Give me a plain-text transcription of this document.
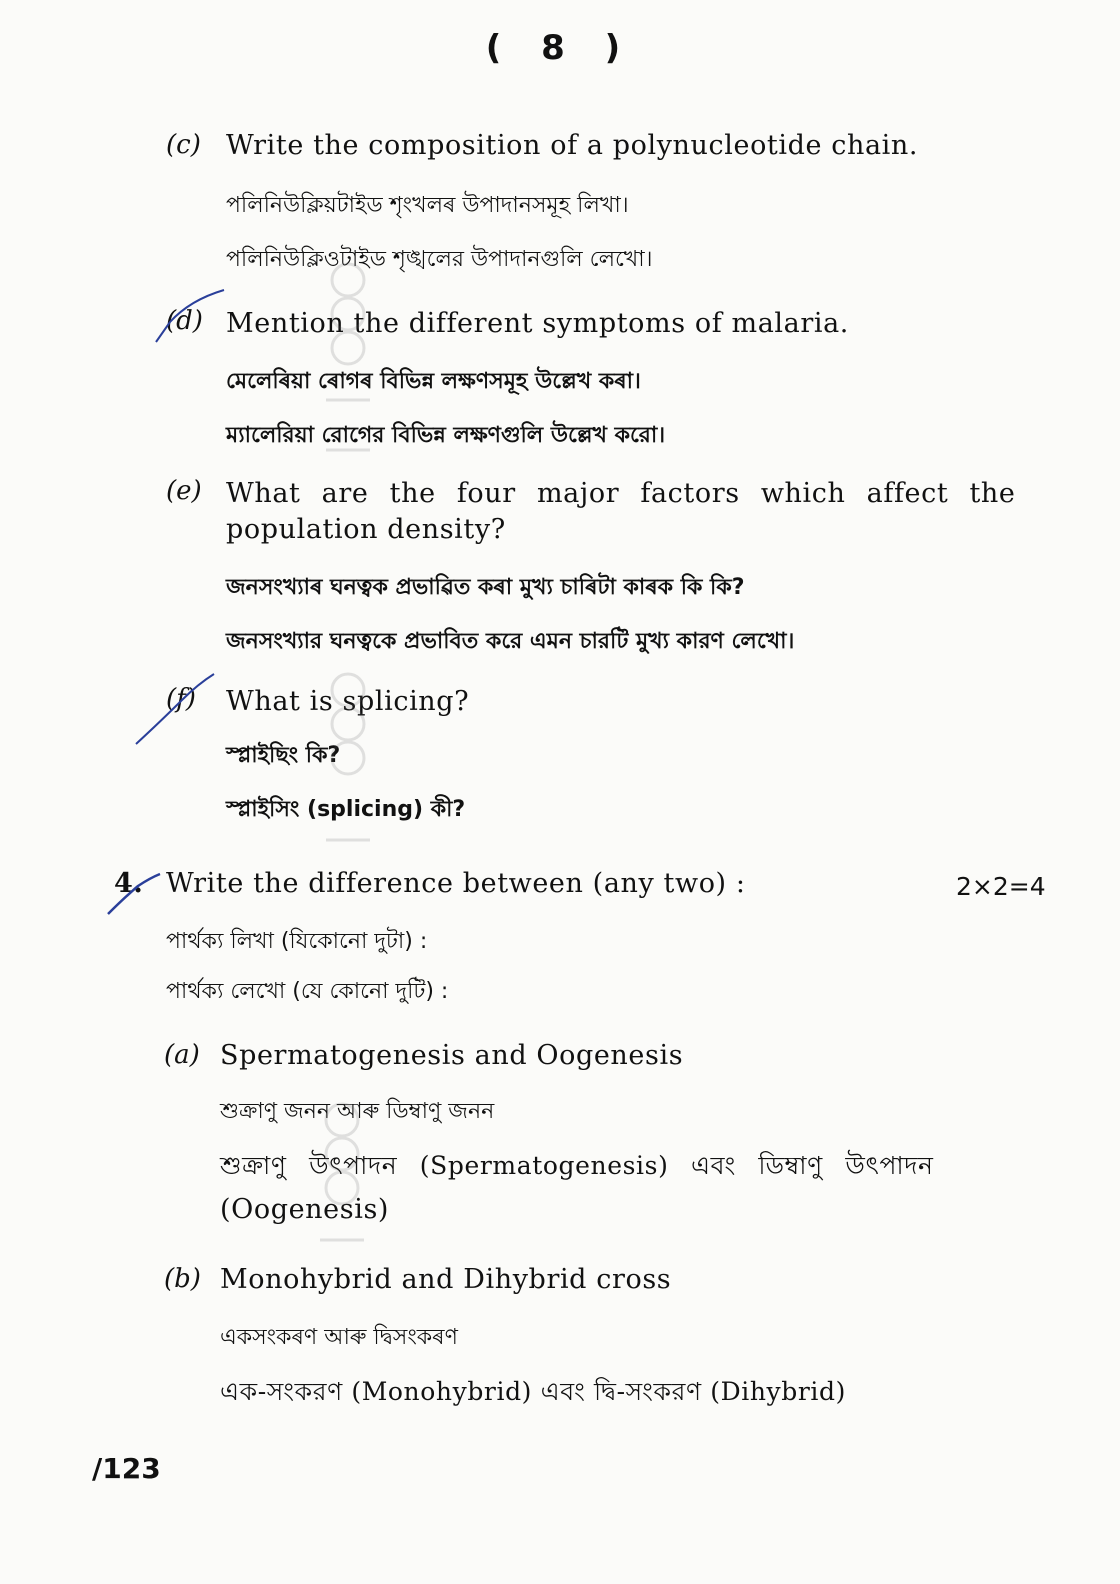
( 8 )
(c) Write the composition of a polynucleotide chain.
পলিনিউক্লিয়টাইড শৃংখলৰ উপাদানসমূহ লিখা।
পলিনিউক্লিওটাইড শৃঙ্খলের উপাদানগুলি লেখো।
(d) Mention the different symptoms of malaria.
মেলেৰিয়া ৰোগৰ বিভিন্ন লক্ষণসমূহ উল্লেখ কৰা।
ম্যালেরিয়া রোগের বিভিন্ন লক্ষণগুলি উল্লেখ করো।
(e) What are the four major factors which affect the
population density?
জনসংখ্যাৰ ঘনত্বক প্ৰভাৱিত কৰা মুখ্য চাৰিটা কাৰক কি কি?
জনসংখ্যার ঘনত্বকে প্রভাবিত করে এমন চারটি মুখ্য কারণ লেখো।
(f) What is splicing?
স্প্লাইছিং কি?
স্প্লাইসিং (splicing) কী?
4. Write the difference between (any two) :	2×2=4
পাৰ্থক্য লিখা (যিকোনো দুটা) :
পার্থক্য লেখো (যে কোনো দুটি) :
(a) Spermatogenesis and Oogenesis
শুক্ৰাণু জনন আৰু ডিম্বাণু জনন
শুক্রাণু উৎপাদন (Spermatogenesis) এবং ডিম্বাণু উৎপাদন
(Oogenesis)
(b) Monohybrid and Dihybrid cross
একসংকৰণ আৰু দ্বিসংকৰণ
এক-সংকরণ (Monohybrid) এবং দ্বি-সংকরণ (Dihybrid)
/123
